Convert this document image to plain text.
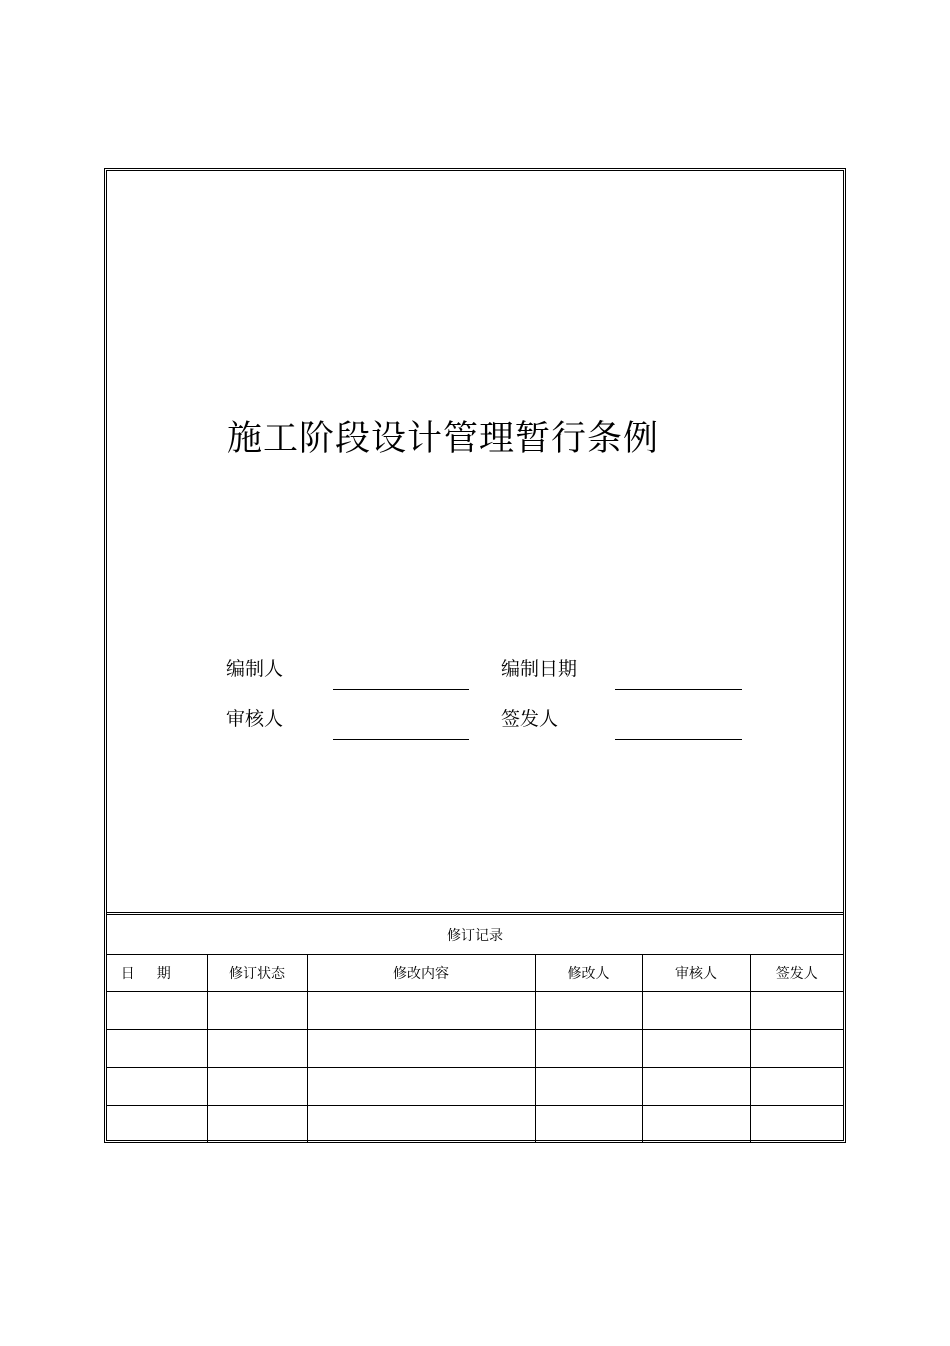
施工阶段设计管理暂行条例
编制人	编制日期
审核人	签发人
修订记录					
日期	修订状态	修改内容	修改人	审核人	签发人
